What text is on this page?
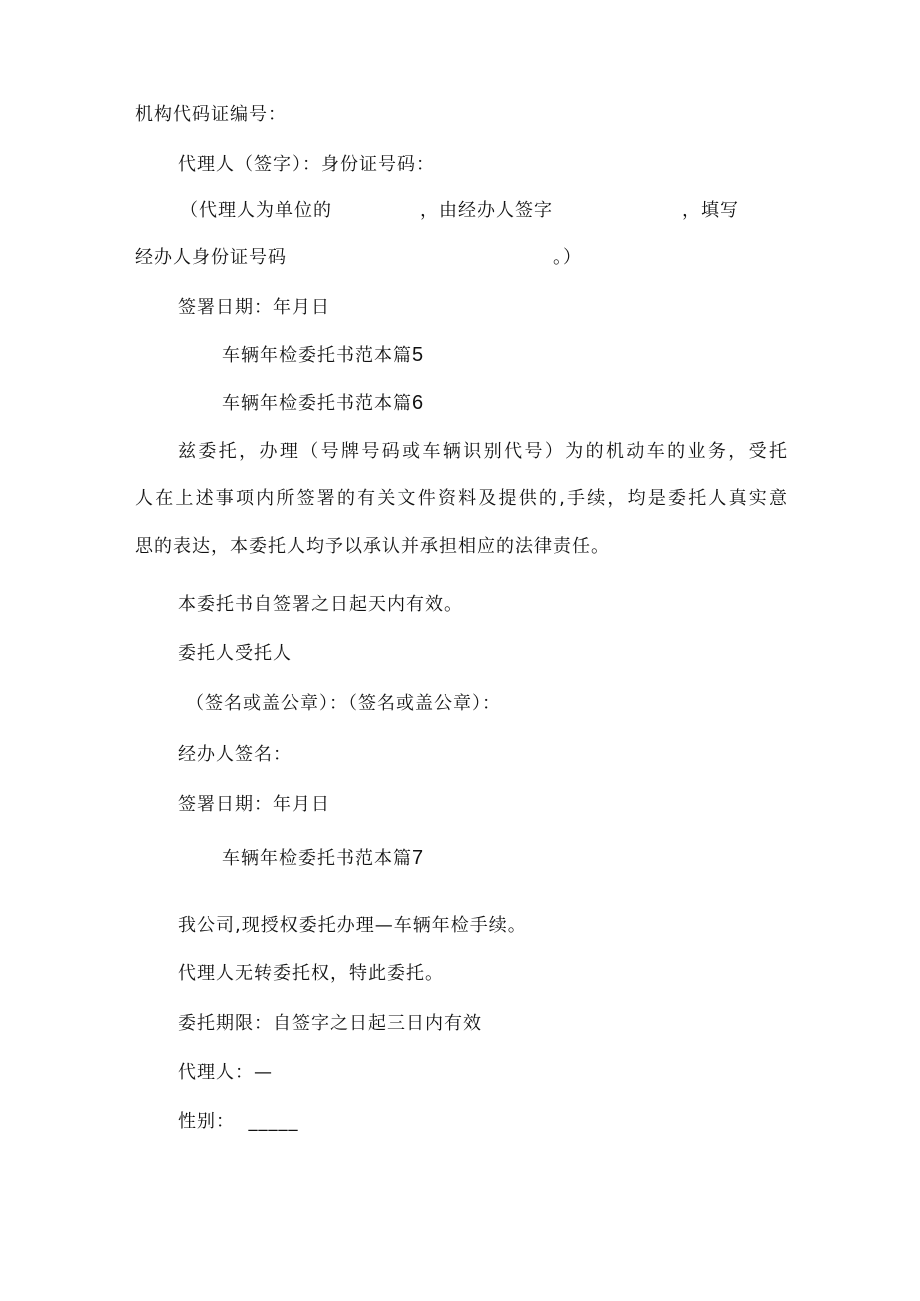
机构代码证编号：
代理人（签字）：身份证号码：
（代理人为单位的	，由经办人签字	，填写
经办人身份证号码	。）
签署日期：年月日
车辆年检委托书范本篇5
车辆年检委托书范本篇6
兹委托，办理（号牌号码或车辆识别代号）为的机动车的业务，受托
人在上述事项内所签署的有关文件资料及提供的,手续，均是委托人真实意
思的表达，本委托人均予以承认并承担相应的法律责任。
本委托书自签署之日起天内有效。
委托人受托人
（签名或盖公章）：（签名或盖公章）：
经办人签名：
签署日期：年月日
车辆年检委托书范本篇7
我公司,现授权委托办理—车辆年检手续。
代理人无转委托权，特此委托。
委托期限：自签字之日起三日内有效
代理人：—
性别：  _____
